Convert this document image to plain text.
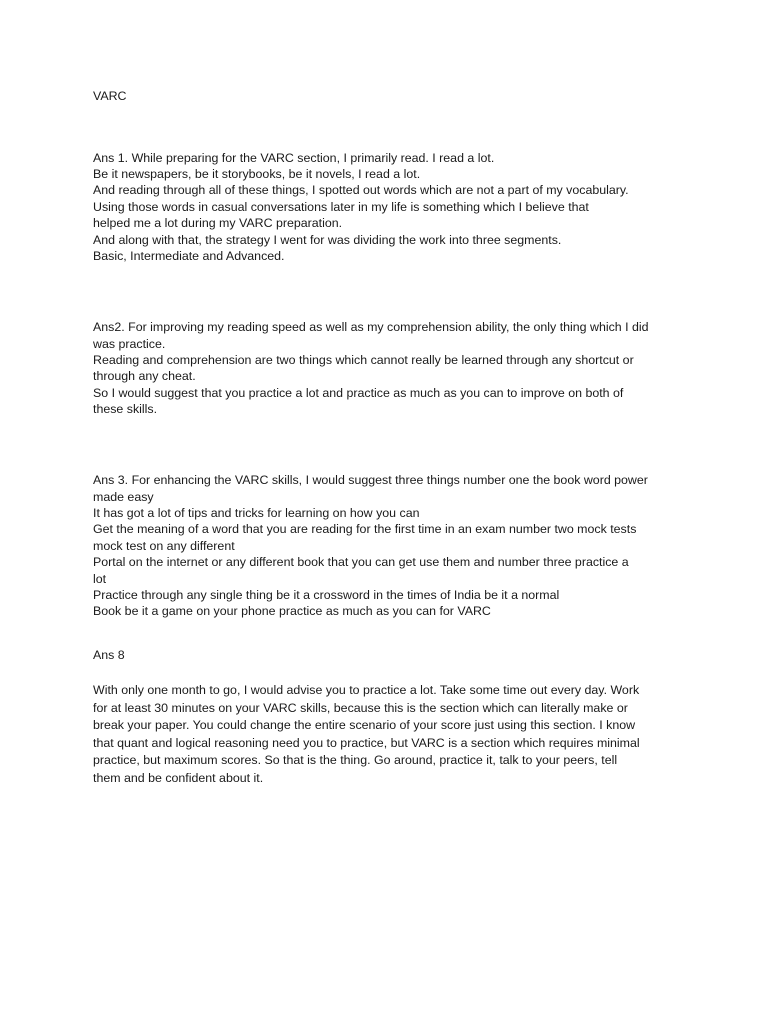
VARC
Ans 1. While preparing for the VARC section, I primarily read. I read a lot.
Be it newspapers, be it storybooks, be it novels, I read a lot.
And reading through all of these things, I spotted out words which are not a part of my vocabulary.
Using those words in casual conversations later in my life is something which I believe that
helped me a lot during my VARC preparation.
And along with that, the strategy I went for was dividing the work into three segments.
Basic, Intermediate and Advanced.
Ans2. For improving my reading speed as well as my comprehension ability, the only thing which I did
was practice.
Reading and comprehension are two things which cannot really be learned through any shortcut or
through any cheat.
So I would suggest that you practice a lot and practice as much as you can to improve on both of
these skills.
Ans 3. For enhancing the VARC skills, I would suggest three things number one the book word power
made easy
It has got a lot of tips and tricks for learning on how you can
Get the meaning of a word that you are reading for the first time in an exam number two mock tests
mock test on any different
Portal on the internet or any different book that you can get use them and number three practice a
lot
Practice through any single thing be it a crossword in the times of India be it a normal
Book be it a game on your phone practice as much as you can for VARC
Ans 8
With only one month to go, I would advise you to practice a lot. Take some time out every day. Work
for at least 30 minutes on your VARC skills, because this is the section which can literally make or
break your paper. You could change the entire scenario of your score just using this section. I know
that quant and logical reasoning need you to practice, but VARC is a section which requires minimal
practice, but maximum scores. So that is the thing. Go around, practice it, talk to your peers, tell
them and be confident about it.
